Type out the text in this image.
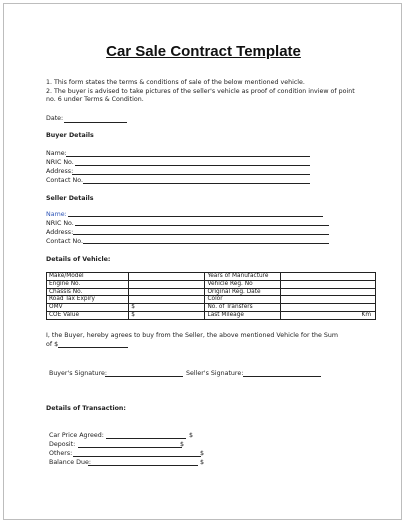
Car Sale Contract Template
1. This form states the terms & conditions of sale of the below mentioned vehicle.
2. The buyer is advised to take pictures of the seller's vehicle as proof of condition inview of point
no. 6 under Terms & Condition.
Date:
Buyer Details
Name:
NRIC No.
Address:
Contact No.
Seller Details
Name:
NRIC No.
Address:
Contact No.
Details of Vehicle:
Make/Model		Years of Manufacture	
Engine No.		Vehicle Reg. No	
Chassis No.		Original Reg. Date	
Road Tax Expiry		Color	
OMV	$	No. of Transfers	
COE Value	$	Last Mileage	Km
I, the Buyer, hereby agrees to buy from the Seller, the above mentioned Vehicle for the Sum
of $
Buyer's Signature:	Seller's Signature:
Details of Transaction:
Car Price Agreed:	$
Deposit:	$
Others:	$
Balance Due:	$
